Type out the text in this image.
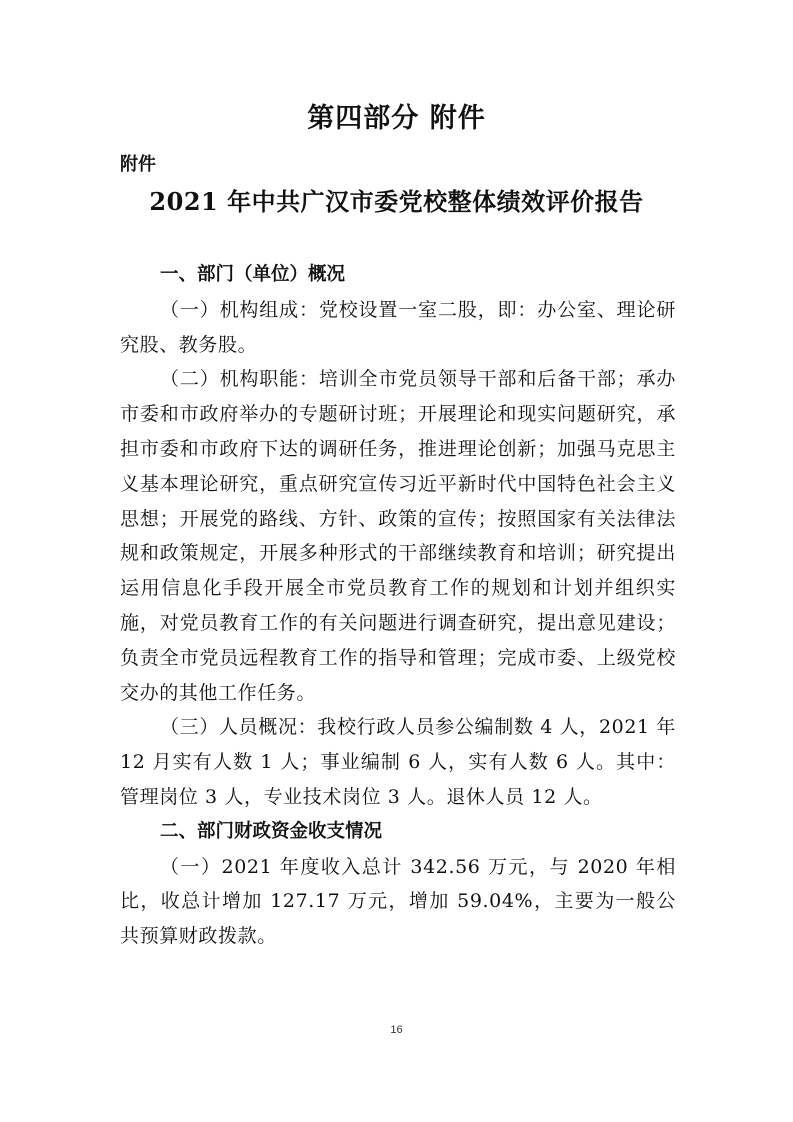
第四部分 附件
附件
2021 年中共广汉市委党校整体绩效评价报告

一、部门（单位）概况

（一）机构组成：党校设置一室二股，即：办公室、理论研究股、教务股。

（二）机构职能：培训全市党员领导干部和后备干部；承办市委和市政府举办的专题研讨班；开展理论和现实问题研究，承担市委和市政府下达的调研任务，推进理论创新；加强马克思主义基本理论研究，重点研究宣传习近平新时代中国特色社会主义思想；开展党的路线、方针、政策的宣传；按照国家有关法律法规和政策规定，开展多种形式的干部继续教育和培训；研究提出运用信息化手段开展全市党员教育工作的规划和计划并组织实施，对党员教育工作的有关问题进行调查研究，提出意见建设；负责全市党员远程教育工作的指导和管理；完成市委、上级党校交办的其他工作任务。

（三）人员概况：我校行政人员参公编制数 4 人，2021 年 12 月实有人数 1 人；事业编制 6 人，实有人数 6 人。其中：管理岗位 3 人，专业技术岗位 3 人。退休人员 12 人。

二、部门财政资金收支情况

（一）2021 年度收入总计 342.56 万元，与 2020 年相比，收总计增加 127.17 万元，增加 59.04%，主要为一般公共预算财政拨款。

16
